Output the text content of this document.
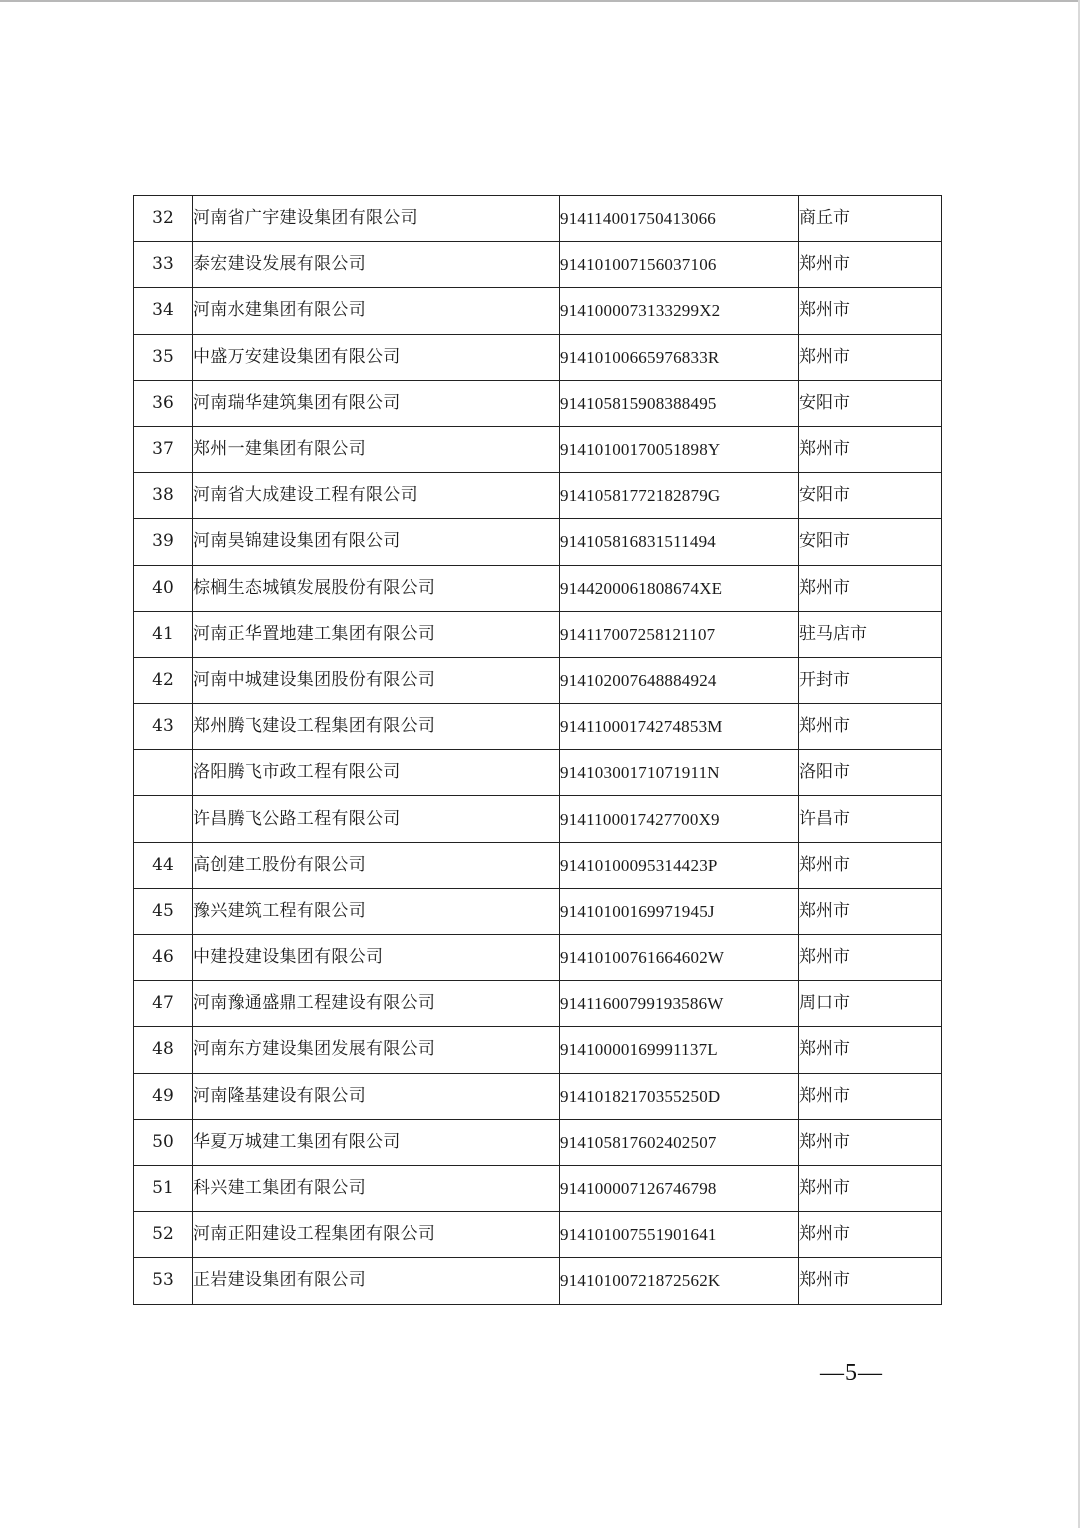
32	河南省广宇建设集团有限公司	914114001750413066	商丘市
33	泰宏建设发展有限公司	914101007156037106	郑州市
34	河南水建集团有限公司	9141000073133299X2	郑州市
35	中盛万安建设集团有限公司	91410100665976833R	郑州市
36	河南瑞华建筑集团有限公司	914105815908388495	安阳市
37	郑州一建集团有限公司	91410100170051898Y	郑州市
38	河南省大成建设工程有限公司	91410581772182879G	安阳市
39	河南昊锦建设集团有限公司	914105816831511494	安阳市
40	棕榈生态城镇发展股份有限公司	9144200061808674XE	郑州市
41	河南正华置地建工集团有限公司	914117007258121107	驻马店市
42	河南中城建设集团股份有限公司	914102007648884924	开封市
43	郑州腾飞建设工程集团有限公司	91411000174274853M	郑州市
	洛阳腾飞市政工程有限公司	91410300171071911N	洛阳市
	许昌腾飞公路工程有限公司	9141100017427700X9	许昌市
44	高创建工股份有限公司	91410100095314423P	郑州市
45	豫兴建筑工程有限公司	91410100169971945J	郑州市
46	中建投建设集团有限公司	91410100761664602W	郑州市
47	河南豫通盛鼎工程建设有限公司	91411600799193586W	周口市
48	河南东方建设集团发展有限公司	91410000169991137L	郑州市
49	河南隆基建设有限公司	91410182170355250D	郑州市
50	华夏万城建工集团有限公司	914105817602402507	郑州市
51	科兴建工集团有限公司	914100007126746798	郑州市
52	河南正阳建设工程集团有限公司	914101007551901641	郑州市
53	正岩建设集团有限公司	91410100721872562K	郑州市
—5—
